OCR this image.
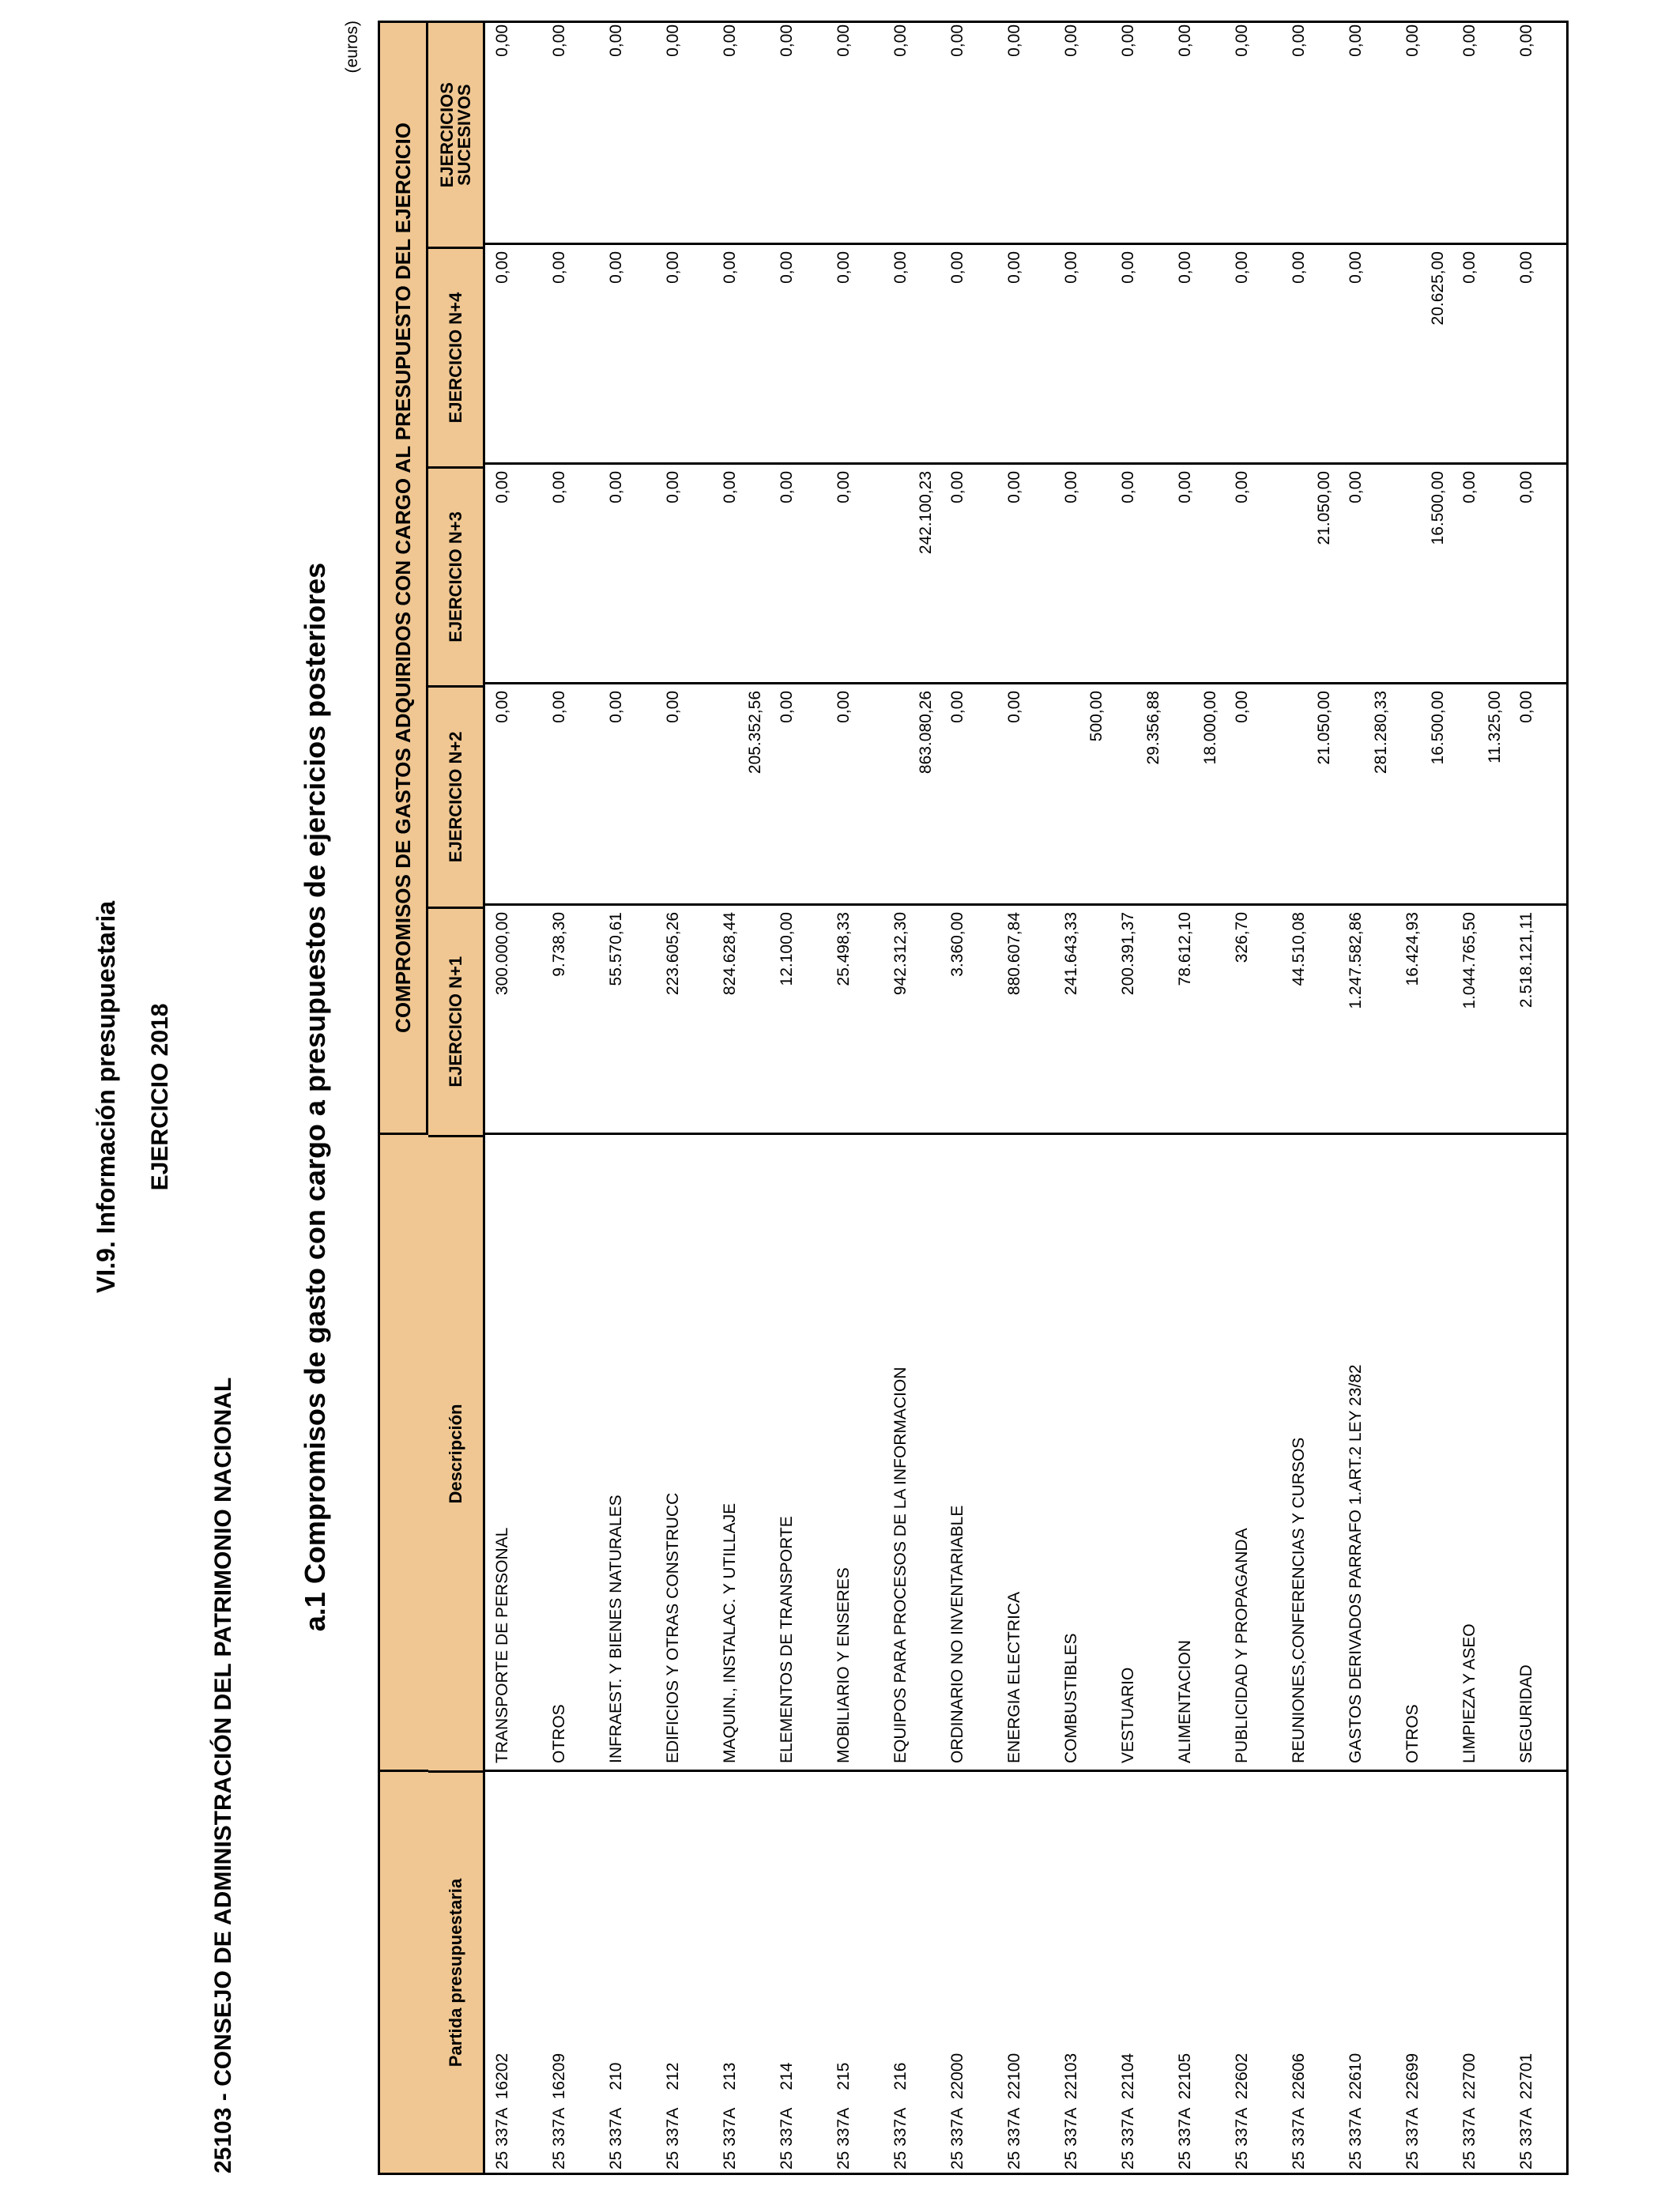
VI.9. Información presupuestaria EJERCICIO 2018
25103 - CONSEJO DE ADMINISTRACIÓN DEL PATRIMONIO NACIONAL
a.1 Compromisos de gasto con cargo a presupuestos de ejercicios posteriores
(euros)
COMPROMISOS DE GASTOS ADQUIRIDOS CON CARGO AL PRESUPUESTO DEL EJERCICIO
Partida presupuestaria
Descripción
EJERCICIO N+1
EJERCICIO N+2
EJERCICIO N+3
EJERCICIO N+4
EJERCICIOS
SUCESIVOS
25 337A  16202
TRANSPORTE DE PERSONAL
300.000,00
0,00
0,00
0,00
0,00
25 337A  16209
OTROS
9.738,30
0,00
0,00
0,00
0,00
25 337A    210
INFRAEST. Y BIENES NATURALES
55.570,61
0,00
0,00
0,00
0,00
25 337A    212
EDIFICIOS Y OTRAS CONSTRUCC
223.605,26
0,00
0,00
0,00
0,00
25 337A    213
MAQUIN., INSTALAC. Y UTILLAJE
824.628,44
205.352,56
0,00
0,00
0,00
25 337A    214
ELEMENTOS DE TRANSPORTE
12.100,00
0,00
0,00
0,00
0,00
25 337A    215
MOBILIARIO Y ENSERES
25.498,33
0,00
0,00
0,00
0,00
25 337A    216
EQUIPOS PARA PROCESOS DE LA INFORMACION
942.312,30
863.080,26
242.100,23
0,00
0,00
25 337A  22000
ORDINARIO NO INVENTARIABLE
3.360,00
0,00
0,00
0,00
0,00
25 337A  22100
ENERGIA ELECTRICA
880.607,84
0,00
0,00
0,00
0,00
25 337A  22103
COMBUSTIBLES
241.643,33
500,00
0,00
0,00
0,00
25 337A  22104
VESTUARIO
200.391,37
29.356,88
0,00
0,00
0,00
25 337A  22105
ALIMENTACION
78.612,10
18.000,00
0,00
0,00
0,00
25 337A  22602
PUBLICIDAD Y PROPAGANDA
326,70
0,00
0,00
0,00
0,00
25 337A  22606
REUNIONES,CONFERENCIAS Y CURSOS
44.510,08
21.050,00
21.050,00
0,00
0,00
25 337A  22610
GASTOS DERIVADOS PARRAFO 1.ART.2 LEY 23/82
1.247.582,86
281.280,33
0,00
0,00
0,00
25 337A  22699
OTROS
16.424,93
16.500,00
16.500,00
20.625,00
0,00
25 337A  22700
LIMPIEZA Y ASEO
1.044.765,50
11.325,00
0,00
0,00
0,00
25 337A  22701
SEGURIDAD
2.518.121,11
0,00
0,00
0,00
0,00
